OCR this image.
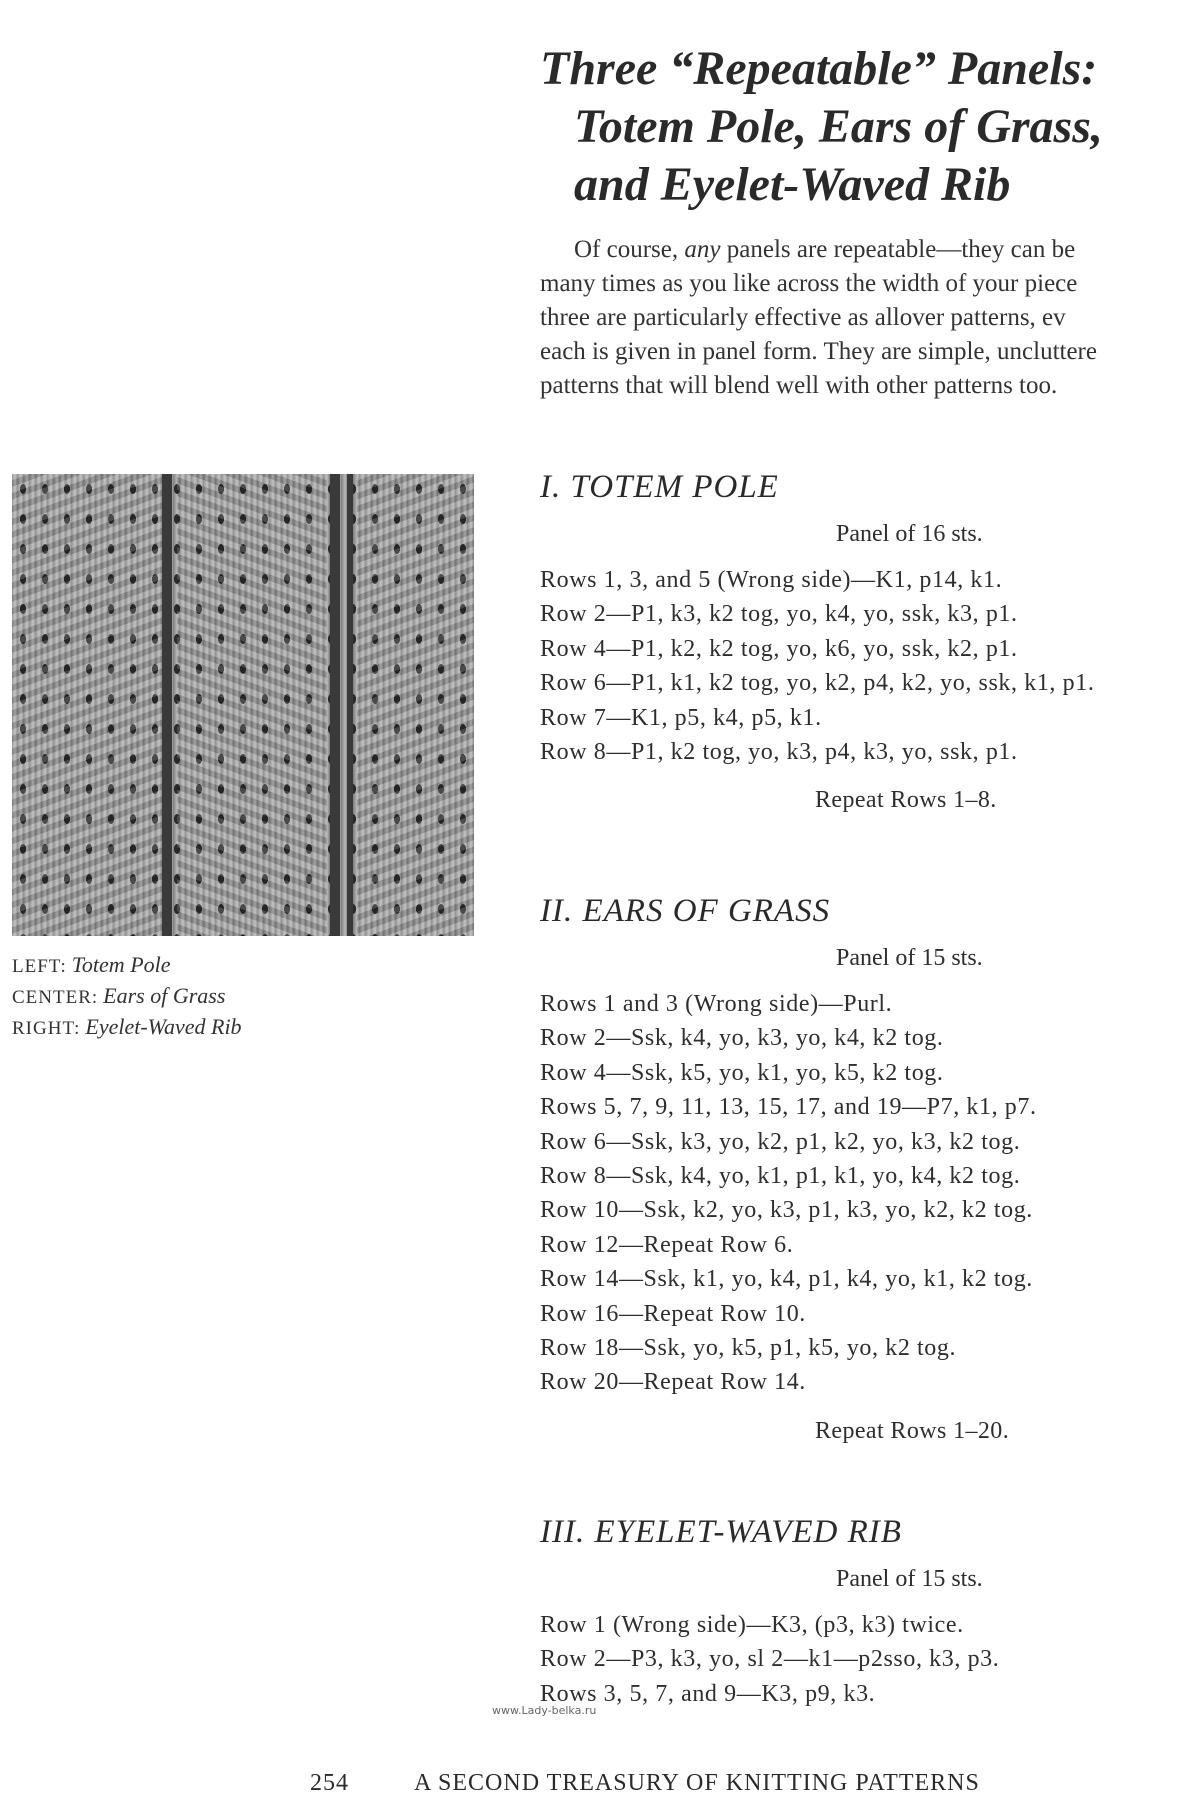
Three “Repeatable” Panels:
Totem Pole, Ears of Grass,
and Eyelet-Waved Rib
Of course, any panels are repeatable—they can be
many times as you like across the width of your piece
three are particularly effective as allover patterns, ev
each is given in panel form. They are simple, uncluttere
patterns that will blend well with other patterns too.
LEFT: Totem Pole
CENTER: Ears of Grass
RIGHT: Eyelet-Waved Rib
I. TOTEM POLE
Panel of 16 sts.
Rows 1, 3, and 5 (Wrong side)—K1, p14, k1.
Row 2—P1, k3, k2 tog, yo, k4, yo, ssk, k3, p1.
Row 4—P1, k2, k2 tog, yo, k6, yo, ssk, k2, p1.
Row 6—P1, k1, k2 tog, yo, k2, p4, k2, yo, ssk, k1, p1.
Row 7—K1, p5, k4, p5, k1.
Row 8—P1, k2 tog, yo, k3, p4, k3, yo, ssk, p1.
Repeat Rows 1–8.
II. EARS OF GRASS
Panel of 15 sts.
Rows 1 and 3 (Wrong side)—Purl.
Row 2—Ssk, k4, yo, k3, yo, k4, k2 tog.
Row 4—Ssk, k5, yo, k1, yo, k5, k2 tog.
Rows 5, 7, 9, 11, 13, 15, 17, and 19—P7, k1, p7.
Row 6—Ssk, k3, yo, k2, p1, k2, yo, k3, k2 tog.
Row 8—Ssk, k4, yo, k1, p1, k1, yo, k4, k2 tog.
Row 10—Ssk, k2, yo, k3, p1, k3, yo, k2, k2 tog.
Row 12—Repeat Row 6.
Row 14—Ssk, k1, yo, k4, p1, k4, yo, k1, k2 tog.
Row 16—Repeat Row 10.
Row 18—Ssk, yo, k5, p1, k5, yo, k2 tog.
Row 20—Repeat Row 14.
Repeat Rows 1–20.
III. EYELET-WAVED RIB
Panel of 15 sts.
Row 1 (Wrong side)—K3, (p3, k3) twice.
Row 2—P3, k3, yo, sl 2—k1—p2sso, k3, p3.
Rows 3, 5, 7, and 9—K3, p9, k3.
www.Lady-belka.ru
254	A SECOND TREASURY OF KNITTING PATTERNS
